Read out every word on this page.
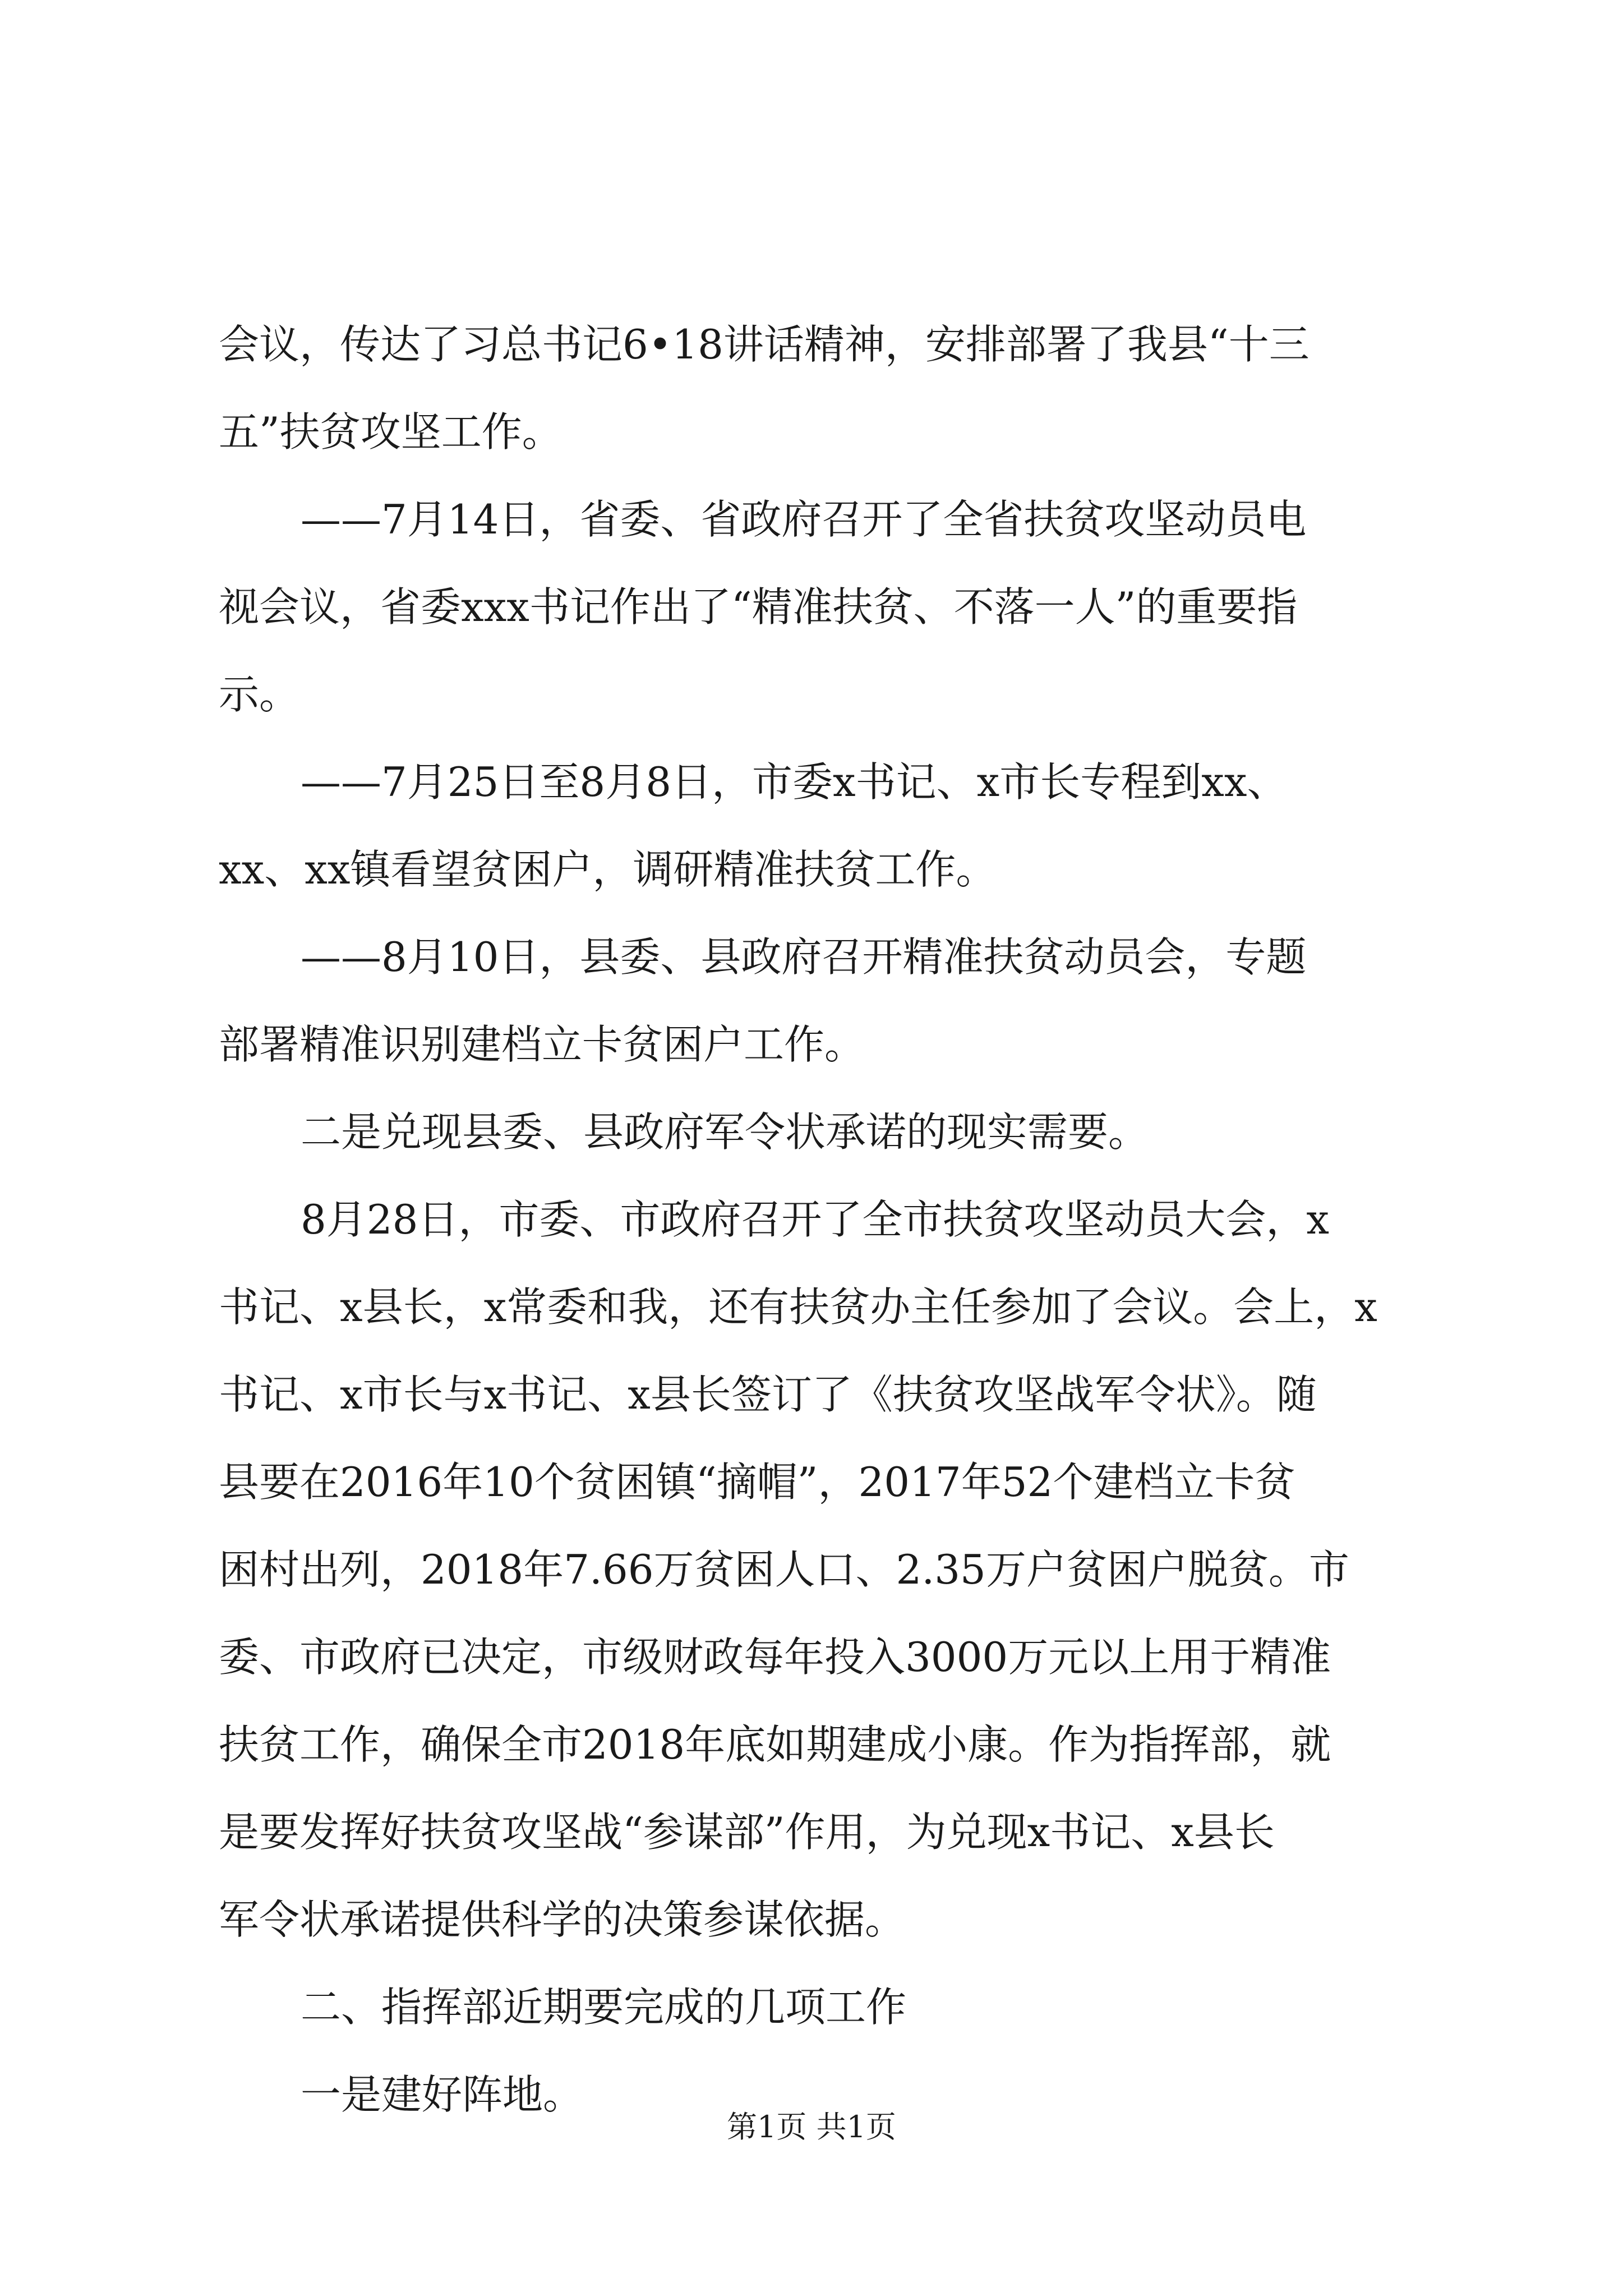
会议，传达了习总书记6•18讲话精神，安排部署了我县“十三
五”扶贫攻坚工作。
——7月14日，省委、省政府召开了全省扶贫攻坚动员电
视会议，省委xxx书记作出了“精准扶贫、不落一人”的重要指
示。
——7月25日至8月8日，市委x书记、x市长专程到xx、
xx、xx镇看望贫困户，调研精准扶贫工作。
——8月10日，县委、县政府召开精准扶贫动员会，专题
部署精准识别建档立卡贫困户工作。
二是兑现县委、县政府军令状承诺的现实需要。
8月28日，市委、市政府召开了全市扶贫攻坚动员大会，x
书记、x县长，x常委和我，还有扶贫办主任参加了会议。会上，x
书记、x市长与x书记、x县长签订了《扶贫攻坚战军令状》。随
县要在2016年10个贫困镇“摘帽”，2017年52个建档立卡贫
困村出列，2018年7.66万贫困人口、2.35万户贫困户脱贫。市
委、市政府已决定，市级财政每年投入3000万元以上用于精准
扶贫工作，确保全市2018年底如期建成小康。作为指挥部，就
是要发挥好扶贫攻坚战“参谋部”作用，为兑现x书记、x县长
军令状承诺提供科学的决策参谋依据。
二、指挥部近期要完成的几项工作
一是建好阵地。
第1页 共1页
